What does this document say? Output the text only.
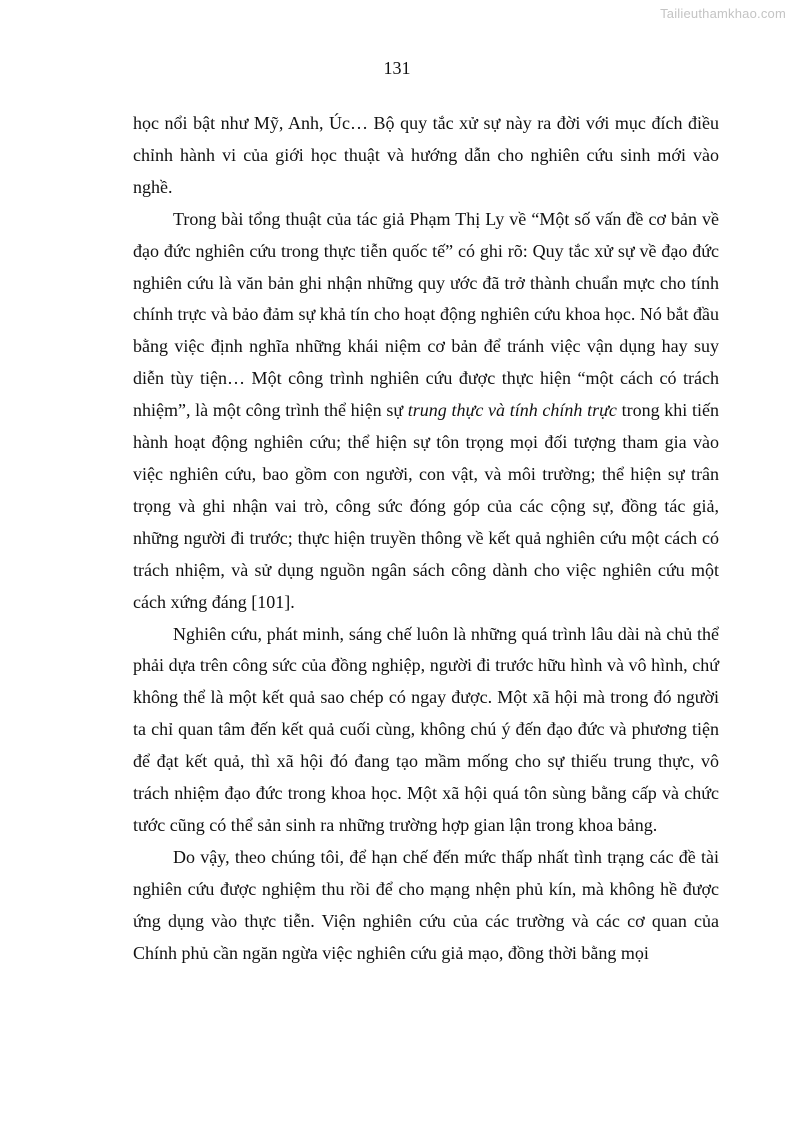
Tailieuthamkhao.com
131

học nổi bật như Mỹ, Anh, Úc… Bộ quy tắc xử sự này ra đời với mục đích điều chỉnh hành vi của giới học thuật và hướng dẫn cho nghiên cứu sinh mới vào nghề.

Trong bài tổng thuật của tác giả Phạm Thị Ly về “Một số vấn đề cơ bản về đạo đức nghiên cứu trong thực tiễn quốc tế” có ghi rõ: Quy tắc xử sự về đạo đức nghiên cứu là văn bản ghi nhận những quy ước đã trở thành chuẩn mực cho tính chính trực và bảo đảm sự khả tín cho hoạt động nghiên cứu khoa học. Nó bắt đầu bằng việc định nghĩa những khái niệm cơ bản để tránh việc vận dụng hay suy diễn tùy tiện… Một công trình nghiên cứu được thực hiện “một cách có trách nhiệm”, là một công trình thể hiện sự trung thực và tính chính trực trong khi tiến hành hoạt động nghiên cứu; thể hiện sự tôn trọng mọi đối tượng tham gia vào việc nghiên cứu, bao gồm con người, con vật, và môi trường; thể hiện sự trân trọng và ghi nhận vai trò, công sức đóng góp của các cộng sự, đồng tác giả, những người đi trước; thực hiện truyền thông về kết quả nghiên cứu một cách có trách nhiệm, và sử dụng nguồn ngân sách công dành cho việc nghiên cứu một cách xứng đáng [101].

Nghiên cứu, phát minh, sáng chế luôn là những quá trình lâu dài nà chủ thể phải dựa trên công sức của đồng nghiệp, người đi trước hữu hình và vô hình, chứ không thể là một kết quả sao chép có ngay được. Một xã hội mà trong đó người ta chỉ quan tâm đến kết quả cuối cùng, không chú ý đến đạo đức và phương tiện để đạt kết quả, thì xã hội đó đang tạo mầm mống cho sự thiếu trung thực, vô trách nhiệm đạo đức trong khoa học. Một xã hội quá tôn sùng bằng cấp và chức tước cũng có thể sản sinh ra những trường hợp gian lận trong khoa bảng.

Do vậy, theo chúng tôi, để hạn chế đến mức thấp nhất tình trạng các đề tài nghiên cứu được nghiệm thu rồi để cho mạng nhện phủ kín, mà không hề được ứng dụng vào thực tiễn. Viện nghiên cứu của các trường và các cơ quan của Chính phủ cần ngăn ngừa việc nghiên cứu giả mạo, đồng thời bằng mọi
